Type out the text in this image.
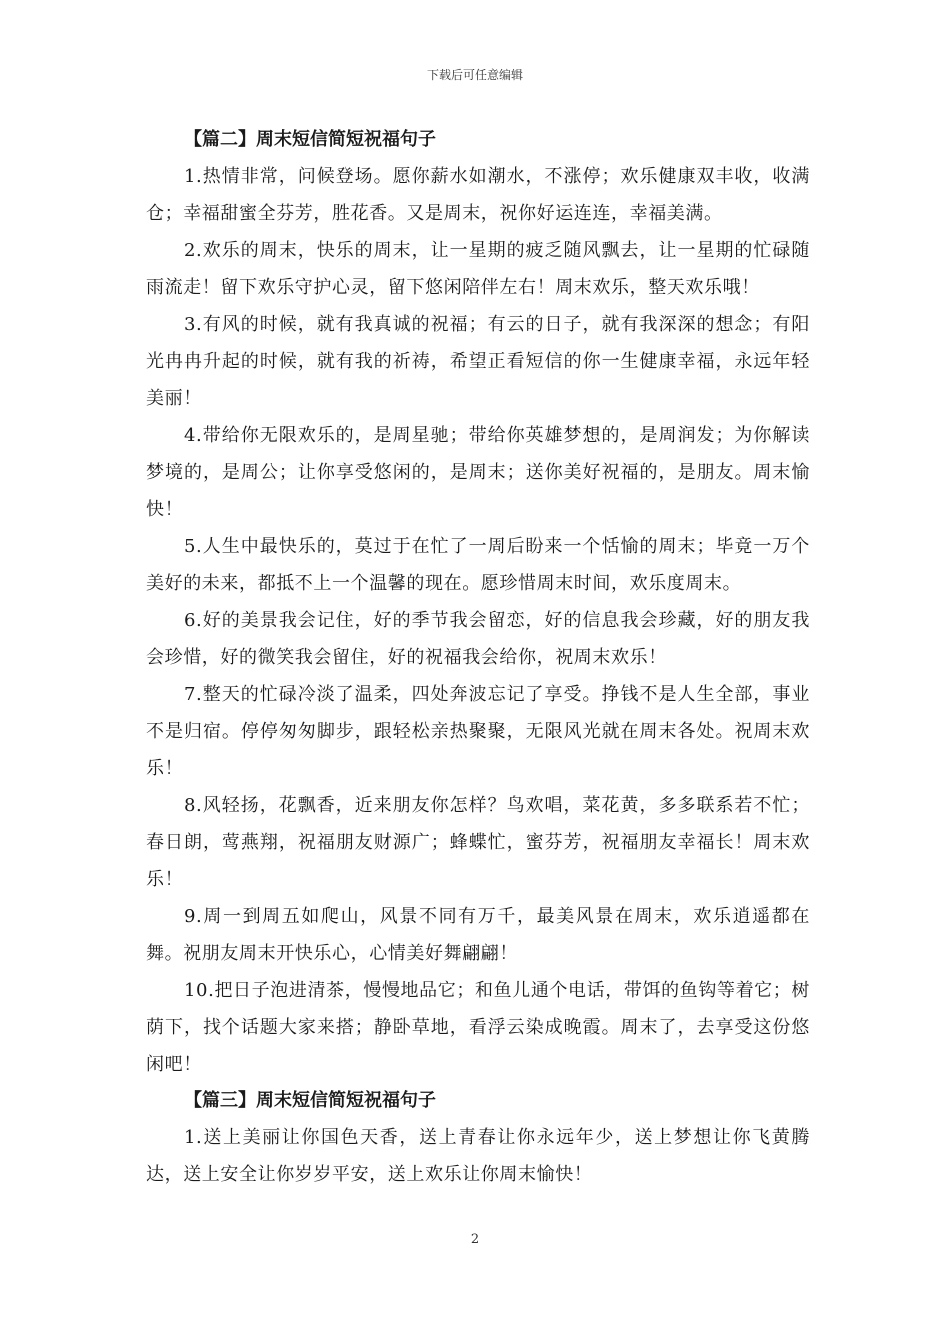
下载后可任意编辑
【篇二】周末短信简短祝福句子

1.热情非常，问候登场。愿你薪水如潮水，不涨停；欢乐健康双丰收，收满仓；幸福甜蜜全芬芳，胜花香。又是周末，祝你好运连连，幸福美满。

2.欢乐的周末，快乐的周末，让一星期的疲乏随风飘去，让一星期的忙碌随雨流走！留下欢乐守护心灵，留下悠闲陪伴左右！周末欢乐，整天欢乐哦！

3.有风的时候，就有我真诚的祝福；有云的日子，就有我深深的想念；有阳光冉冉升起的时候，就有我的祈祷，希望正看短信的你一生健康幸福，永远年轻美丽！

4.带给你无限欢乐的，是周星驰；带给你英雄梦想的，是周润发；为你解读梦境的，是周公；让你享受悠闲的，是周末；送你美好祝福的，是朋友。周末愉快！

5.人生中最快乐的，莫过于在忙了一周后盼来一个恬愉的周末；毕竟一万个美好的未来，都抵不上一个温馨的现在。愿珍惜周末时间，欢乐度周末。

6.好的美景我会记住，好的季节我会留恋，好的信息我会珍藏，好的朋友我会珍惜，好的微笑我会留住，好的祝福我会给你，祝周末欢乐！

7.整天的忙碌冷淡了温柔，四处奔波忘记了享受。挣钱不是人生全部，事业不是归宿。停停匆匆脚步，跟轻松亲热聚聚，无限风光就在周末各处。祝周末欢乐！

8.风轻扬，花飘香，近来朋友你怎样？鸟欢唱，菜花黄，多多联系若不忙；春日朗，莺燕翔，祝福朋友财源广；蜂蝶忙，蜜芬芳，祝福朋友幸福长！周末欢乐！

9.周一到周五如爬山，风景不同有万千，最美风景在周末，欢乐逍遥都在舞。祝朋友周末开快乐心，心情美好舞翩翩！

10.把日子泡进清茶，慢慢地品它；和鱼儿通个电话，带饵的鱼钩等着它；树荫下，找个话题大家来搭；静卧草地，看浮云染成晚霞。周末了，去享受这份悠闲吧！

【篇三】周末短信简短祝福句子

1.送上美丽让你国色天香，送上青春让你永远年少，送上梦想让你飞黄腾达，送上安全让你岁岁平安，送上欢乐让你周末愉快！

2
